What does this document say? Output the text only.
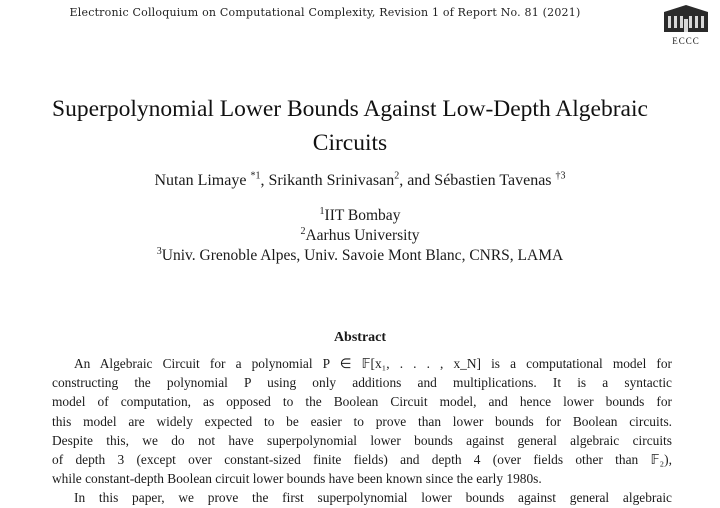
Electronic Colloquium on Computational Complexity, Revision 1 of Report No. 81 (2021)
ECCC
Superpolynomial Lower Bounds Against Low-Depth Algebraic
Circuits
Nutan Limaye $^{*1}$, Srikanth Srinivasan$^2$, and Sébastien Tavenas $^{\dagger 3}$
$^1$IIT Bombay
$^2$Aarhus University
$^3$Univ. Grenoble Alpes, Univ. Savoie Mont Blanc, CNRS, LAMA
Abstract
An Algebraic Circuit for a polynomial P ∈ 𝔽[x₁, . . . , x_N] is a computational model for
constructing the polynomial P using only additions and multiplications. It is a syntactic
model of computation, as opposed to the Boolean Circuit model, and hence lower bounds for
this model are widely expected to be easier to prove than lower bounds for Boolean circuits.
Despite this, we do not have superpolynomial lower bounds against general algebraic circuits
of depth 3 (except over constant-sized finite fields) and depth 4 (over fields other than 𝔽₂),
while constant-depth Boolean circuit lower bounds have been known since the early 1980s.
In this paper, we prove the first superpolynomial lower bounds against general algebraic
